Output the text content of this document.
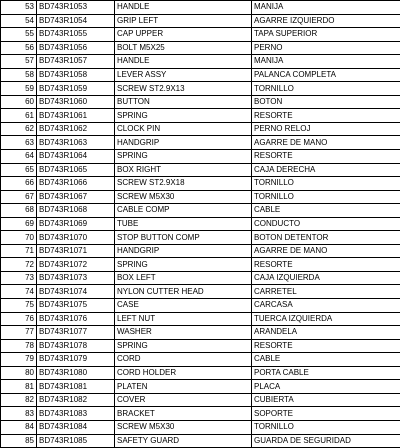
53	BD743R1053	HANDLE	MANIJA
54	BD743R1054	GRIP LEFT	AGARRE IZQUIERDO
55	BD743R1055	CAP UPPER	TAPA SUPERIOR
56	BD743R1056	BOLT M5X25	PERNO
57	BD743R1057	HANDLE	MANIJA
58	BD743R1058	LEVER ASSY	PALANCA COMPLETA
59	BD743R1059	SCREW ST2.9X13	TORNILLO
60	BD743R1060	BUTTON	BOTON
61	BD743R1061	SPRING	RESORTE
62	BD743R1062	CLOCK PIN	PERNO RELOJ
63	BD743R1063	HANDGRIP	AGARRE DE MANO
64	BD743R1064	SPRING	RESORTE
65	BD743R1065	BOX RIGHT	CAJA DERECHA
66	BD743R1066	SCREW ST2.9X18	TORNILLO
67	BD743R1067	SCREW M5X30	TORNILLO
68	BD743R1068	CABLE COMP	CABLE
69	BD743R1069	TUBE	CONDUCTO
70	BD743R1070	STOP BUTTON COMP	BOTON DETENTOR
71	BD743R1071	HANDGRIP	AGARRE DE MANO
72	BD743R1072	SPRING	RESORTE
73	BD743R1073	BOX LEFT	CAJA IZQUIERDA
74	BD743R1074	NYLON CUTTER HEAD	CARRETEL
75	BD743R1075	CASE	CARCASA
76	BD743R1076	LEFT NUT	TUERCA IZQUIERDA
77	BD743R1077	WASHER	ARANDELA
78	BD743R1078	SPRING	RESORTE
79	BD743R1079	CORD	CABLE
80	BD743R1080	CORD HOLDER	PORTA CABLE
81	BD743R1081	PLATEN	PLACA
82	BD743R1082	COVER	CUBIERTA
83	BD743R1083	BRACKET	SOPORTE
84	BD743R1084	SCREW M5X30	TORNILLO
85	BD743R1085	SAFETY GUARD	GUARDA DE SEGURIDAD
